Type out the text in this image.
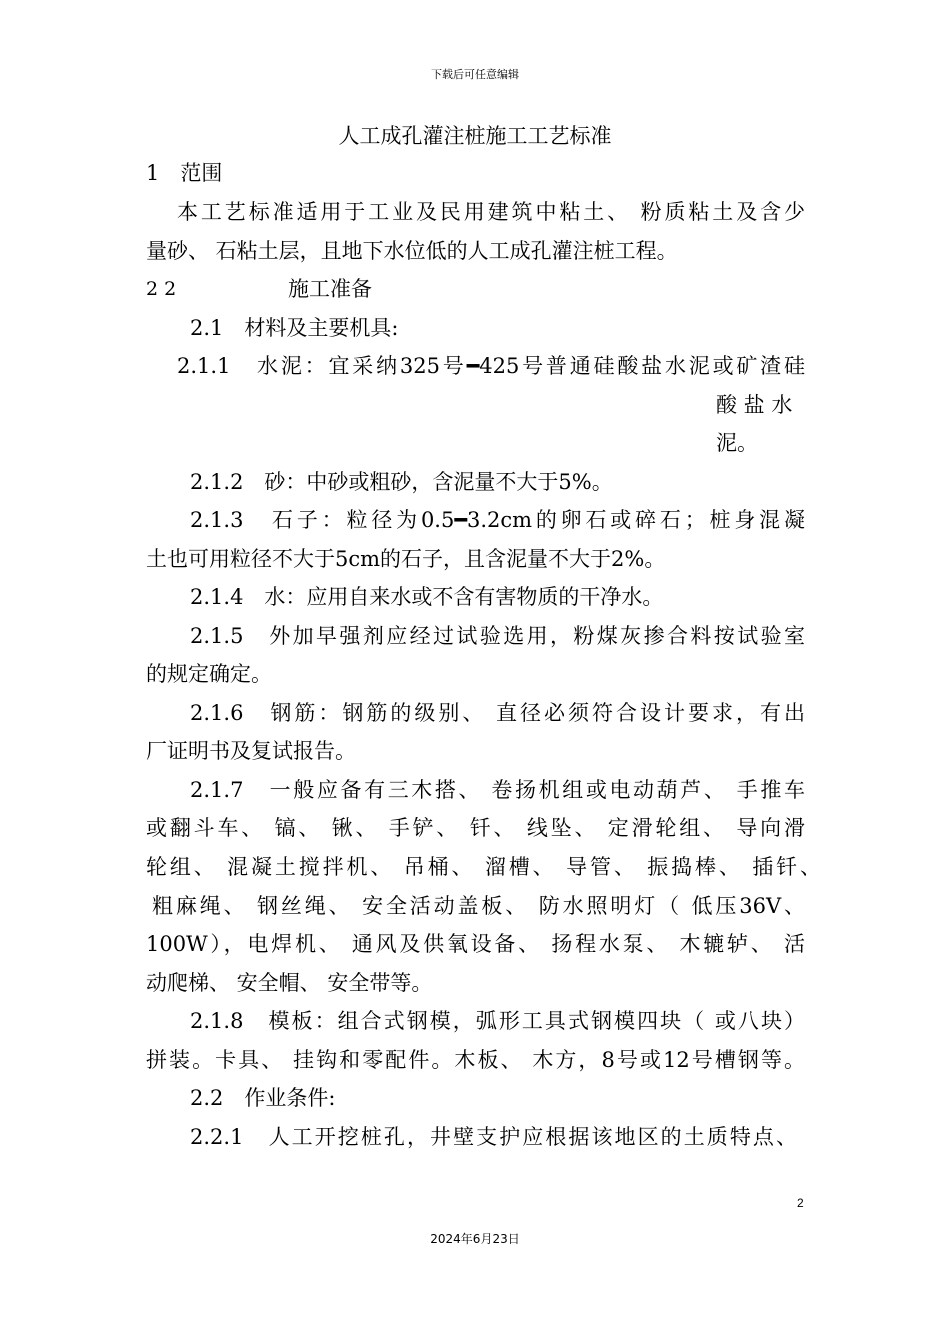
下载后可任意编辑
人工成孔灌注桩施工工艺标准
1　范围
本工艺标准适用于工业及民用建筑中粘土、 粉质粘土及含少
量砂、 石粘土层，且地下水位低的人工成孔灌注桩工程。
2 2	施工准备
2.1　材料及主要机具:
2.1.1　水泥：宜采纳325号━425号普通硅酸盐水泥或矿渣硅
酸 盐 水
泥。
2.1.2　砂：中砂或粗砂，含泥量不大于5%。
2.1.3　石子：粒径为0.5━3.2cm的卵石或碎石；桩身混凝
土也可用粒径不大于5cm的石子，且含泥量不大于2%。
2.1.4　水：应用自来水或不含有害物质的干净水。
2.1.5　外加早强剂应经过试验选用，粉煤灰掺合料按试验室
的规定确定。
2.1.6　钢筋：钢筋的级别、 直径必须符合设计要求，有出
厂证明书及复试报告。
2.1.7　一般应备有三木搭、 卷扬机组或电动葫芦、 手推车
或翻斗车、 镐、 锹、 手铲、 钎、 线坠、 定滑轮组、 导向滑
轮组、 混凝土搅拌机、 吊桶、 溜槽、 导管、 振捣棒、 插钎、
粗麻绳、 钢丝绳、 安全活动盖板、 防水照明灯（ 低压36V、
100W），电焊机、 通风及供氧设备、 扬程水泵、 木辘轳、 活
动爬梯、 安全帽、 安全带等。
2.1.8　模板：组合式钢模，弧形工具式钢模四块（ 或八块）
拼装。卡具、 挂钩和零配件。木板、 木方，8号或12号槽钢等。
2.2　作业条件:
2.2.1　人工开挖桩孔，井壁支护应根据该地区的土质特点、
2
2024年6月23日
